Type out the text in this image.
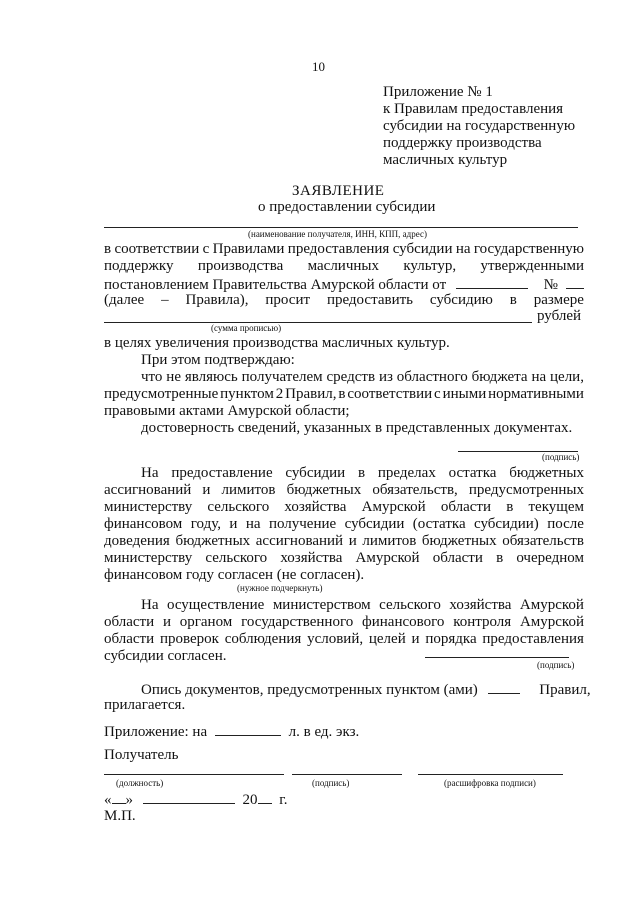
10
Приложение № 1
к Правилам предоставления
субсидии на государственную
поддержку производства
масличных культур
ЗАЯВЛЕНИЕ
о предоставлении субсидии
(наименование получателя, ИНН, КПП, адрес)
в соответствии с Правилами предоставления субсидии на государственную
поддержку производства масличных культур, утвержденными
постановлением Правительства Амурской области от	№
(далее – Правила), просит предоставить субсидию в размере
рублей
(сумма прописью)
в целях увеличения производства масличных культур.
При этом подтверждаю:
что не являюсь получателем средств из областного бюджета на цели,
предусмотренные пунктом 2 Правил, в соответствии с иными нормативными
правовыми актами Амурской области;
достоверность сведений, указанных в представленных документах.
(подпись)
На предоставление субсидии в пределах остатка бюджетных
ассигнований и лимитов бюджетных обязательств, предусмотренных
министерству сельского хозяйства Амурской области в текущем
финансовом году, и на получение субсидии (остатка субсидии) после
доведения бюджетных ассигнований и лимитов бюджетных обязательств
министерству сельского хозяйства Амурской области в очередном
финансовом году согласен (не согласен).
(нужное подчеркнуть)
На осуществление министерством сельского хозяйства Амурской
области и органом государственного финансового контроля Амурской
области проверок соблюдения условий, целей и порядка предоставления
субсидии согласен.
(подпись)
Опись документов, предусмотренных пунктом (ами)	Правил,
прилагается.
Приложение: на	л. в ед. экз.
Получатель
(должность)	(подпись)	(расшифровка подписи)
« »	20 г.
М.П.
